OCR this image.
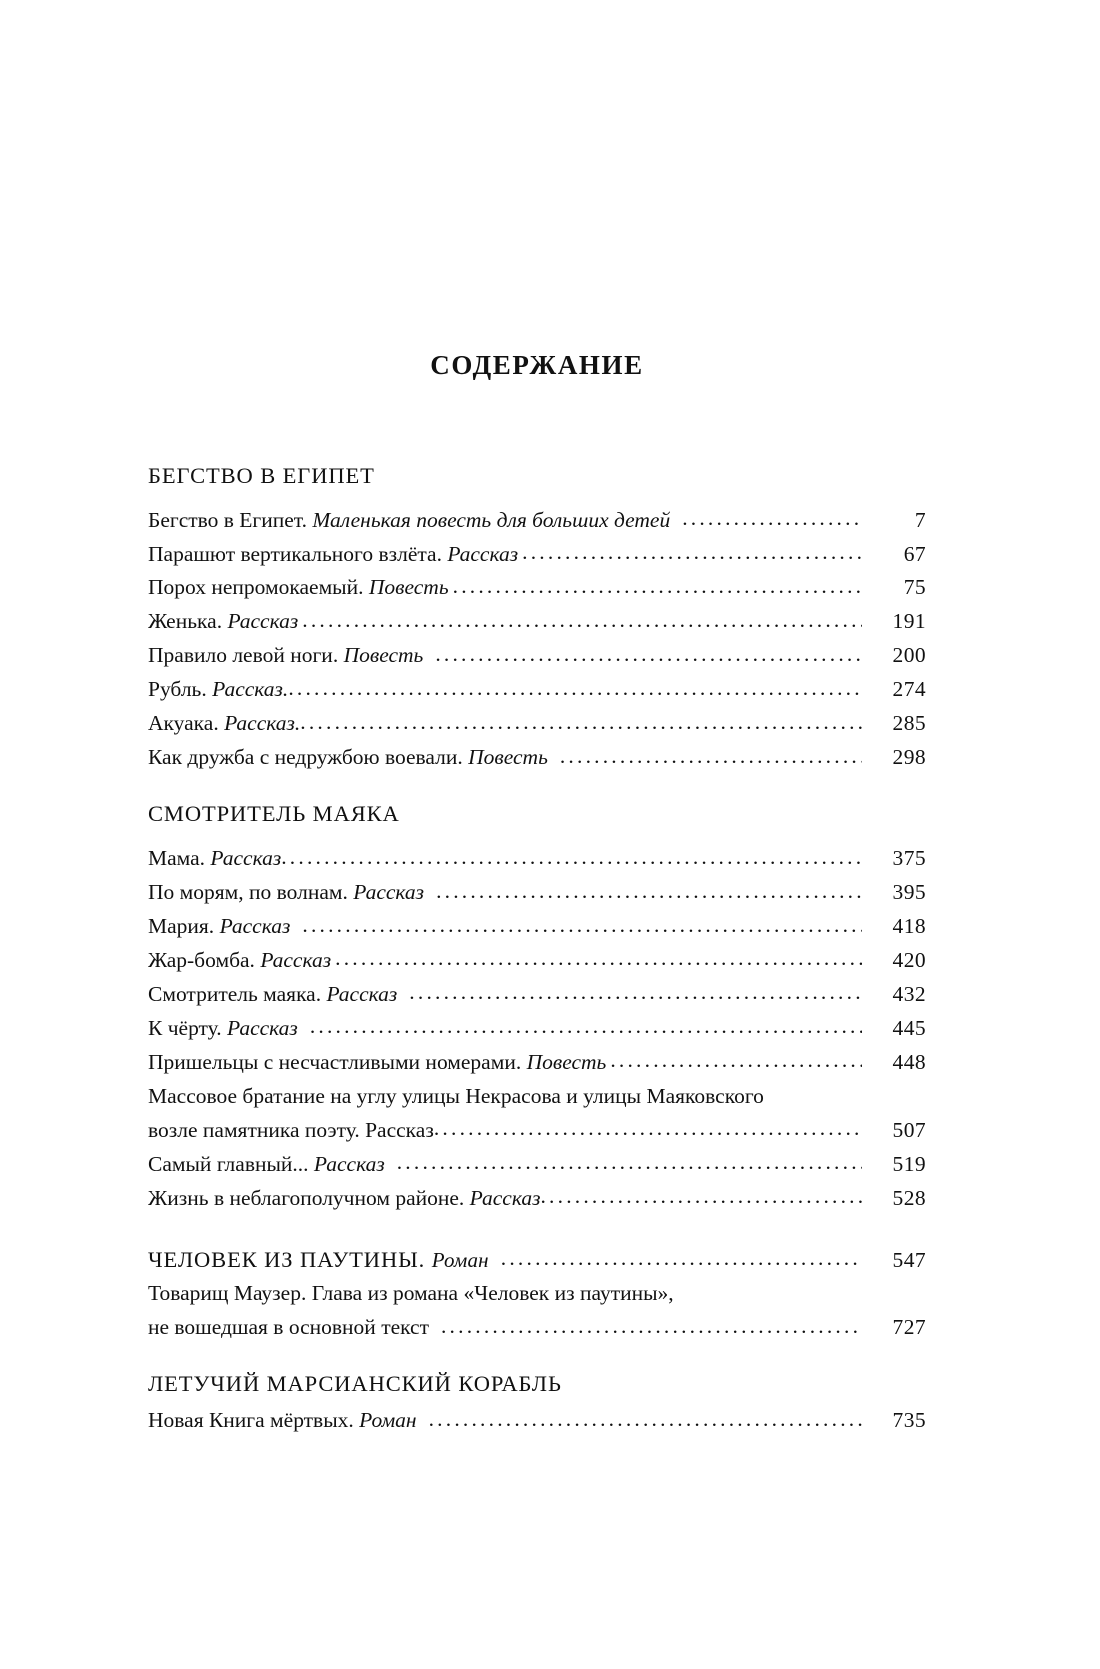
СОДЕРЖАНИЕ
БЕГСТВО В ЕГИПЕТ
Бегство в Египет. Маленькая повесть для больших детей .....	7
Парашют вертикального взлёта. Рассказ .....	67
Порох непромокаемый. Повесть .....	75
Женька. Рассказ .....	191
Правило левой ноги. Повесть .....	200
Рубль. Рассказ. .....	274
Акуака. Рассказ. .....	285
Как дружба с недружбою воевали. Повесть .....	298
СМОТРИТЕЛЬ МАЯКА
Мама. Рассказ .....	375
По морям, по волнам. Рассказ .....	395
Мария. Рассказ .....	418
Жар-бомба. Рассказ .....	420
Смотритель маяка. Рассказ .....	432
К чёрту. Рассказ .....	445
Пришельцы с несчастливыми номерами. Повесть .....	448
Массовое братание на углу улицы Некрасова и улицы Маяковского
возле памятника поэту. Рассказ .....	507
Самый главный... Рассказ .....	519
Жизнь в неблагополучном районе. Рассказ .....	528
ЧЕЛОВЕК ИЗ ПАУТИНЫ. Роман .....	547
Товарищ Маузер. Глава из романа «Человек из паутины»,
не вошедшая в основной текст .....	727
ЛЕТУЧИЙ МАРСИАНСКИЙ КОРАБЛЬ
Новая Книга мёртвых. Роман .....	735
